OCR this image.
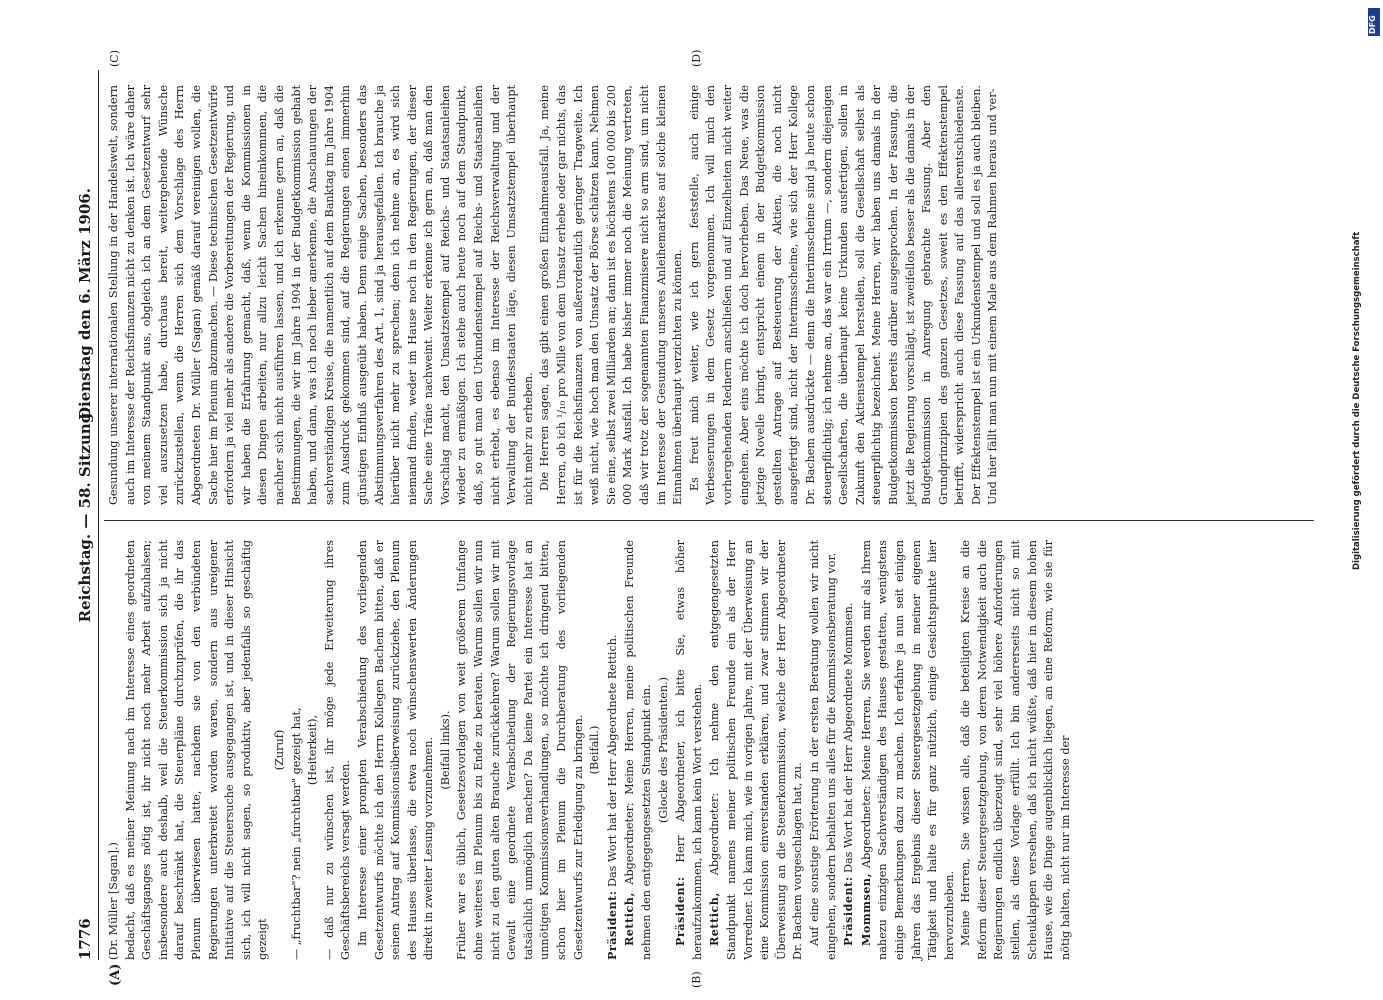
1776
Reichstag. — 58. Sitzung.
Dienstag den 6. März 1906.
(A)	(B)
(C)	(D)

(Dr. Müller [Sagan].) bedacht, daß es meiner Meinung nach im Interesse eines geordneten Geschäftsganges nötig ist, ihr nicht noch mehr Arbeit aufzuhalsen; insbesondere auch deshalb, weil die Steuerkommission sich ja nicht darauf beschränkt hat, die Steuerpläne durchzuprüfen, die ihr das Plenum überwiesen hatte, nachdem sie von den verbündeten Regierungen unterbreitet worden waren, sondern aus ureigener Initiative auf die Steuersuche ausgegangen ist, und in dieser Hinsicht sich, ich will nicht sagen, so produktiv, aber jedenfalls so geschäftig gezeigt

(Zuruf) — „fruchtbar"? nein „furchtbar" gezeigt hat, (Heiterkeit), — daß nur zu wünschen ist, ihr möge jede Erweiterung ihres Geschäftsbereichs versagt werden. Im Interesse einer prompten Verabschiedung des vorliegenden Gesetzentwurfs möchte ich den Herrn Kollegen Bachem bitten, daß er seinen Antrag auf Kommissionsüberweisung zurückziehe, den Plenum des Hauses überlasse, die etwa noch wünschenswerten Änderungen direkt in zweiter Lesung vorzunehmen. (Beifall links). Früher war es üblich, Gesetzesvorlagen von weit größerem Umfange ohne weiteres im Plenum bis zu Ende zu beraten. Warum sollen wir nun nicht zu den guten alten Brauche zurückkehren? Warum sollen wir mit Gewalt eine geordnete Verabschiedung der Regierungsvorlage tatsächlich unmöglich machen? Da keine Partei ein Interesse hat an unnötigen Kommissionsverhandlungen, so möchte ich dringend bitten, schon hier im Plenum die Durchberatung des vorliegenden Gesetzentwurfs zur Erledigung zu bringen. (Beifall.)

Präsident: Das Wort hat der Herr Abgeordnete Rettich.

Rettich, Abgeordneter: Meine Herren, meine politischen Freunde nehmen den entgegengesetzten Standpunkt ein. (Glocke des Präsidenten.)

Präsident: Herr Abgeordneter, ich bitte Sie, etwas höher heraufzukommen, ich kann kein Wort verstehen. Rettich, Abgeordneter: Ich nehme den entgegengesetzten Standpunkt namens meiner politischen Freunde ein als der Herr Vorredner. Ich kann mich, wie in vorigen Jahre, mit der Überweisung an eine Kommission einverstanden erklären, und zwar stimmen wir der Überweisung an die Steuerkommission, welche der Herr Abgeordneter Dr. Bachem vorgeschlagen hat, zu. Auf eine sonstige Erörterung in der ersten Beratung wollen wir nicht eingehen, sondern behalten uns alles für die Kommissionsberatung vor. Präsident: Das Wort hat der Herr Abgeordnete Mommsen.

Mommsen, Abgeordneter: Meine Herren, Sie werden mir als Ihrem nahezu einzigen Sachverständigen des Hauses gestatten, wenigstens einige Bemerkungen dazu zu machen. Ich erfahre ja nun seit einigen Jahren das Ergebnis dieser Steuergesetzgebung in meiner eigenen Tätigkeit und halte es für ganz nützlich, einige Gesichtspunkte hier hervorzuheben. Meine Herren, Sie wissen alle, daß die beteiligten Kreise an die Reform dieser Steuergesetzgebung, von deren Notwendigkeit auch die Regierungen endlich überzeugt sind, sehr viel höhere Anforderungen stellen, als diese Vorlage erfüllt. Ich bin andererseits nicht so mit Scheuklappen versehen, daß ich nicht wüßte, daß hier in diesem hohen Hause, wie die Dinge augenblicklich liegen, an eine Reform, wie sie für nötig halten, nicht nur im Interesse der

Gesundung unserer internationalen Stellung in der Handelswelt, sondern auch im Interesse der Reichsfinanzen nicht zu denken ist. Ich wäre daher von meinem Standpunkt aus, obgleich ich an dem Gesetzentwurf sehr viel auszusetzen habe, durchaus bereit, weitergehende Wünsche zurückzustellen, wenn die Herren sich dem Vorschlage des Herrn Abgeordneten Dr. Müller (Sagan) gemäß darauf vereinigen wollen, die Sache hier im Plenum abzumachen. — Diese technischen Gesetzentwürfe erfordern ja viel mehr als andere die Vorbereitungen der Regierung, und wir haben die Erfahrung gemacht, daß, wenn die Kommissionen in diesen Dingen arbeiten, nur allzu leicht Sachen hineinkommen, die nachher sich nicht ausführen lassen, und ich erkenne gern an, daß die Bestimmungen, die wir im Jahre 1904 in der Budgetkommission gehabt haben, und dann, was ich noch lieber anerkenne, die Anschauungen der sachverständigen Kreise, die namentlich auf dem Banktag im Jahre 1904 zum Ausdruck gekommen sind, auf die Regierungen einen immerhin günstigen Einfluß ausgeübt haben. Denn einige Sachen, besonders das Abstimmungsverfahren des Art. 1, sind ja herausgefallen. Ich brauche ja hierüber nicht mehr zu sprechen; denn ich nehme an, es wird sich niemand finden, weder im Hause noch in den Regierungen, der dieser Sache eine Träne nachweint. Weiter erkenne ich gern an, daß man den Vorschlag macht, den Umsatzstempel auf Reichs- und Staatsanleihen wieder zu ermäßigen. Ich stehe auch heute noch auf dem Standpunkt, daß, so gut man den Urkundenstempel auf Reichs- und Staatsanleihen nicht erhebt, es ebenso im Interesse der Reichsverwaltung und der Verwaltung der Bundesstaaten läge, diesen Umsatzstempel überhaupt nicht mehr zu erheben. Die Herren sagen, das gibt einen großen Einnahmeausfall. Ja, meine Herren, ob ich ¹/₁₀ pro Mille von dem Umsatz erhebe oder gar nichts, das ist für die Reichsfinanzen von außerordentlich geringer Tragweite. Ich weiß nicht, wie hoch man den Umsatz der Börse schätzen kann. Nehmen Sie eine, selbst zwei Milliarden an; dann ist es höchstens 100 000 bis 200 000 Mark Ausfall. Ich habe bisher immer noch die Meinung vertreten, daß wir trotz der sogenannten Finanzmisere nicht so arm sind, um nicht im Interesse der Gesundung unseres Anleihemarktes auf solche kleinen Einnahmen überhaupt verzichten zu können. Es freut mich weiter, wie ich gern feststelle, auch einige Verbesserungen in dem Gesetz vorgenommen. Ich will mich den vorhergehenden Rednern anschließen und auf Einzelheiten nicht weiter eingehen. Aber eins möchte ich doch hervorheben. Das Neue, was die jetzige Novelle bringt, entspricht einem in der Budgetkommission gestellten Antrage auf Besteuerung der Aktien, die noch nicht ausgefertigt sind, nicht der Interimsscheine, wie sich der Herr Kollege Dr. Bachem ausdrückte — denn die Interimsscheine sind ja heute schon steuerpflichtig; ich nehme an, das war ein Irrtum —, sondern diejenigen Gesellschaften, die überhaupt keine Urkunden ausfertigen, sollen in Zukunft den Aktienstempel herstellen, soll die Gesellschaft selbst als steuerpflichtig bezeichnet. Meine Herren, wir haben uns damals in der Budgetkommission bereits darüber ausgesprochen. In der Fassung, die jetzt die Regierung vorschlägt, ist zweifellos besser als die damals in der Budgetkommission in Anregung gebrachte Fassung. Aber den Grundprinzipien des ganzen Gesetzes, soweit es den Effektenstempel betrifft, widerspricht auch diese Fassung auf das allerentschiedenste. Der Effektenstempel ist ein Urkundenstempel und soll es ja auch bleiben. Und hier fällt man nun mit einem Male aus dem Rahmen heraus und ver-	Digitalisierung gefördert durch die Deutsche Forschungsgemeinschaft
DFG
